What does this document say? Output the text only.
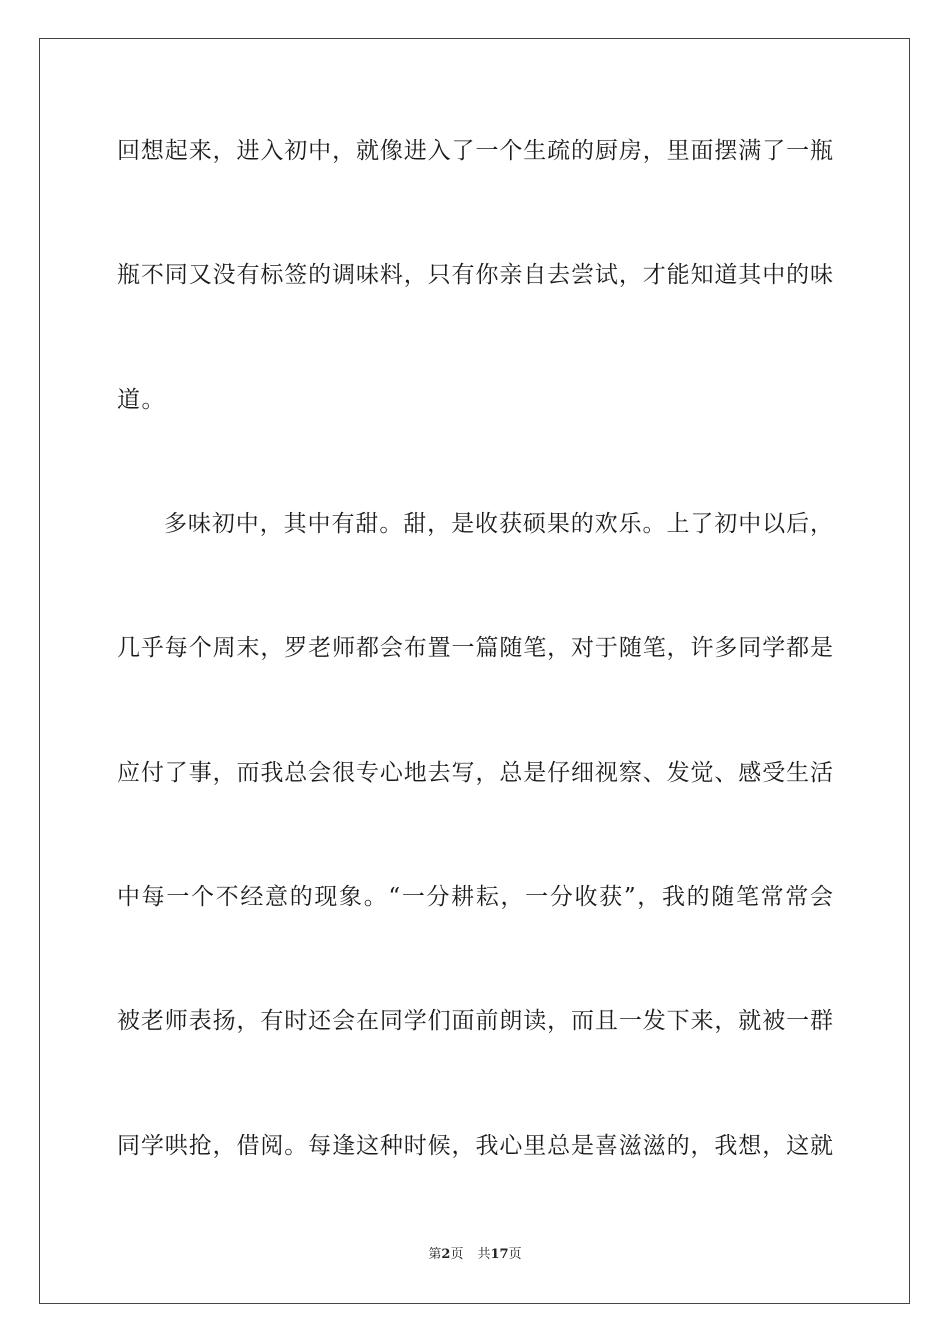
回想起来，进入初中，就像进入了一个生疏的厨房，里面摆满了一瓶
瓶不同又没有标签的调味料，只有你亲自去尝试，才能知道其中的味
道。
多味初中，其中有甜。甜，是收获硕果的欢乐。上了初中以后，
几乎每个周末，罗老师都会布置一篇随笔，对于随笔，许多同学都是
应付了事，而我总会很专心地去写，总是仔细视察、发觉、感受生活
中每一个不经意的现象。“一分耕耘，一分收获”，我的随笔常常会
被老师表扬，有时还会在同学们面前朗读，而且一发下来，就被一群
同学哄抢，借阅。每逢这种时候，我心里总是喜滋滋的，我想，这就
第2页 共17页
